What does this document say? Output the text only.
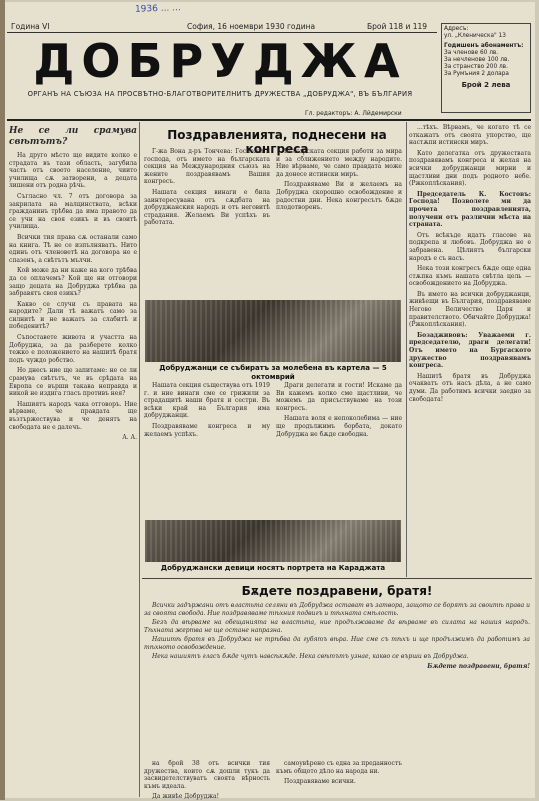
1936 ... ...
Година VI	София, 16 ноември 1930 година	Брой 118 и 119
ДОБРУДЖА
ОРГАНЪ НА СЪЮЗА НА ПРОСВѢТНО-БЛАГОТВОРИТЕЛНИТѢ ДРУЖЕСТВА „ДОБРУДЖА", ВЪ БЪЛГАРИЯ
Гл. редакторъ: А. Лйдемирски
Адресъ:
ул. „Кленическа" 13
Годишенъ абонаментъ:
За членове 60 лв.
За нечленове 100 лв.
За странство 200 лв.
За Румъния 2 долара
Брой 2 лева

Не се ли срамува свѣтътъ?

На друго мѣсто ще видите колко е страдата въ тази область, загубила часть отъ своето население, чиито училища сѫ затворени, а децата лишени отъ родна рѣчь.

Съгласно чл. 7 отъ договора за закрилата на малцинствата, всѣки гражданинъ трѣбва да има правото да се учи на своя езикъ и въ своитѣ училища.

Всички тия права сѫ останали само на книга. Тѣ не се изпълняватъ. Нито единъ отъ членоветѣ на договора не е спазенъ, а свѣтътъ мълчи.

Кой може да ни каже на кого трѣбва да се оплачемъ? Кой ще ни отговори защо децата на Добруджа трѣбва да забравятъ своя езикъ?

Какво се случи съ правата на народите? Дали тѣ важатъ само за силнитѣ и не важатъ за слабитѣ и победенитѣ?

Съпоставете живота и участта на Добруджа, за да разберете колко тежко е положението на нашитѣ братя подъ чуждо робство.

Но днесъ ние ще запитаме: не се ли срамува свѣтътъ, че въ срѣдата на Европа се върши такава неправда и никой не издига гласъ противъ нея?

Нашиятъ народъ чака отговоръ. Ние вѣрваме, че правдата ще възтържествува и че денятъ на свободата не е далечъ.

А. А.

Поздравленията, поднесени на конгреса

Г-жа Вона д-ръ Тончева: Госпожи и господа, отъ името на българската секция на Международния съюзъ на жените поздравявамъ Вашия конгресъ.

Нашата секция винаги е била заинтересувана отъ сѫдбата на добруджанския народъ и отъ неговитѣ страдания. Желаемъ Ви успѣхъ въ работата.

Българската секция работи за мира и за сближението между народите. Ние вѣрваме, че само правдата може да донесе истински миръ.

Поздравяваме Ви и желаемъ на Добруджа скорошно освобождение и радостни дни. Нека конгресътъ бѫде плодотворенъ.

Добруджанци се събиратъ за молебена въ картела — 5 октомврий

Нашата секция съществува отъ 1919 г. и ние винаги сме се грижили за страдащитѣ наши братя и сестри. Въ всѣки край на България има добруджанци.

Поздравяваме конгреса и му желаемъ успѣхъ.

Драги делегати и гости! Искаме да Ви кажемъ колко сме щастливи, че можемъ да присъствуваме на този конгресъ.

Нашата воля е непоколебима — ние ще продължимъ борбата, докато Добруджа не бѫде свободна.

Добруджански девици носятъ портрета на Караджата

...тѣхъ. Вѣрвамъ, че когато тѣ се откажатъ отъ своята упорство, ще настѫпи истински миръ.

Като делегатка отъ дружествата поздравявамъ конгреса и желая на всички добруджанци мирни и щастливи дни подъ родното небе. (Ржкоплѣскания).

Председатель К. Костовъ: Господа! Позволете ми да прочета поздравленията, получени отъ различни мѣста на страната.

Отъ всѣкъде идатъ гласове на подкрепа и любовъ. Добруджа не е забравена. Цѣлиятъ български народъ е съ насъ.

Нека този конгресъ бѫде още една стѫпка къмъ нашата свѣтла цель — освобождението на Добруджа.

Въ името на всички добруджанци, живѣещи въ България, поздравяваме Негово Величество Царя и правителството. Обичайте Добруджа! (Ржкоплѣскания).

Бозадживовъ: Уважаеми г. председателю, драги делегати! Отъ името на Бургаското дружество поздравявамъ конгреса.

Нашитѣ братя въ Добруджа очакватъ отъ насъ дѣла, а не само думи. Да работимъ всички заедно за свободата!

Бѫдете поздравени, братя!

Всички задържани отъ властьта селяни въ Добруджа остават въ затвора, защото се борятъ за своитѣ права и за своята свобода. Ние поздравяваме тѣхния подвигъ и тѣхната смѣлость.

Безъ да вѣрваме на обещанията на властьта, ние продължаваме да вѣрваме въ силата на нашия народъ. Тѣхната жертва не ще остане напразна.

Нашитѣ братя въ Добруджа не трѣбва да губятъ вѣра. Ние сме съ тѣхъ и ще продължимъ да работимъ за тѣхното освобождение.

Нека нашиятъ гласъ бѫде чутъ навсѣкѫде. Нека свѣтътъ узнае, какво се върши въ Добруджа.

Бѫдете поздравени, братя!

на брой 38 отъ всички тия дружества, които сѫ дошли тукъ да засвидетелствуватъ своята вѣрность къмъ идеала.

Да живѣе Добруджа!

самоувѣрено съ една за преданностъ къмъ общото дѣло на народа ни.

Поздравяваме всички.
